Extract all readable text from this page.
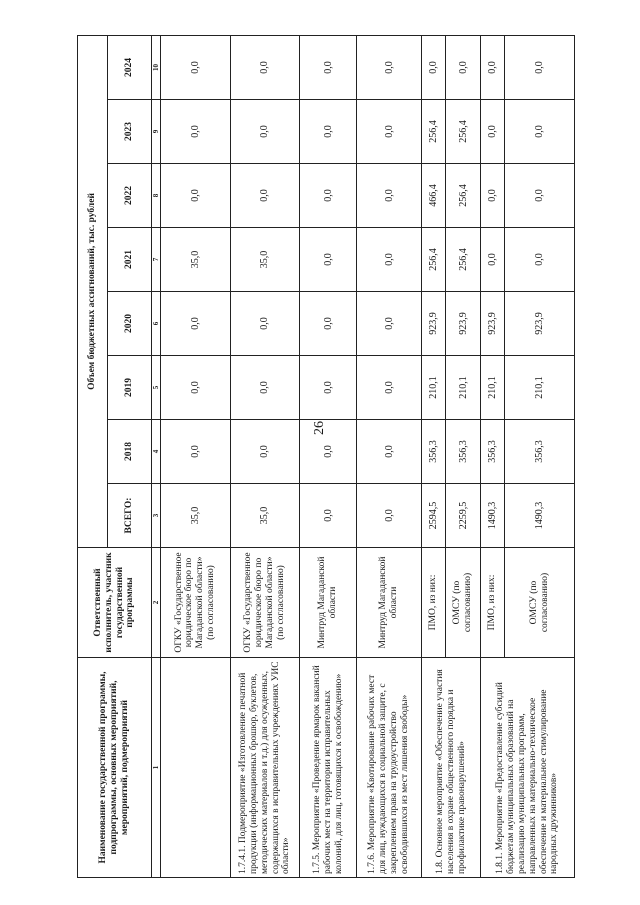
26
Наименование государственной программы, подпрограммы, основных мероприятий, мероприятий, подмероприятий	Ответственный исполнитель, участник государственной программы	Объем бюджетных ассигнований, тыс. рублей							
		ВСЕГО:	2018	2019	2020	2021	2022	2023	2024
1	2	3	4	5	6	7	8	9	10
	ОГКУ «Государственное юридическое бюро по Магаданской области» (по согласованию)	35,0	0,0	0,0	0,0	35,0	0,0	0,0	0,0
1.7.4.1. Подмероприятие «Изготовление печатной продукции (информационных брошюр, буклетов, методических материалов и т.д.) для осужденных, содержащихся в исправительных учреждениях УИС области»	ОГКУ «Государственное юридическое бюро по Магаданской области» (по согласованию)	35,0	0,0	0,0	0,0	35,0	0,0	0,0	0,0
1.7.5. Мероприятие «Проведение ярмарок вакансий рабочих мест на территории исправительных колоний, для лиц, готовящихся к освобождению»	Минтруд Магаданской области	0,0	0,0	0,0	0,0	0,0	0,0	0,0	0,0
1.7.6. Мероприятие «Квотирование рабочих мест для лиц, нуждающихся в социальной защите, с закреплением права на трудоустройство освободившихся из мест лишения свободы»	Минтруд Магаданской области	0,0	0,0	0,0	0,0	0,0	0,0	0,0	0,0
1.8. Основное мероприятие «Обеспечение участия населения в охране общественного порядка и профилактике правонарушений»	ПМО, из них:	2594,5	356,3	210,1	923,9	256,4	466,4	256,4	0,0
	ОМСУ (по согласованию)	2259,5	356,3	210,1	923,9	256,4	256,4	256,4	0,0
1.8.1. Мероприятие «Предоставление субсидий бюджетам муниципальных образований на реализацию муниципальных программ, направленных на материально-техническое обеспечение и материальное стимулирование народных дружинников»	ПМО, из них:	1490,3	356,3	210,1	923,9	0,0	0,0	0,0	0,0
	ОМСУ (по согласованию)	1490,3	356,3	210,1	923,9	0,0	0,0	0,0	0,0
